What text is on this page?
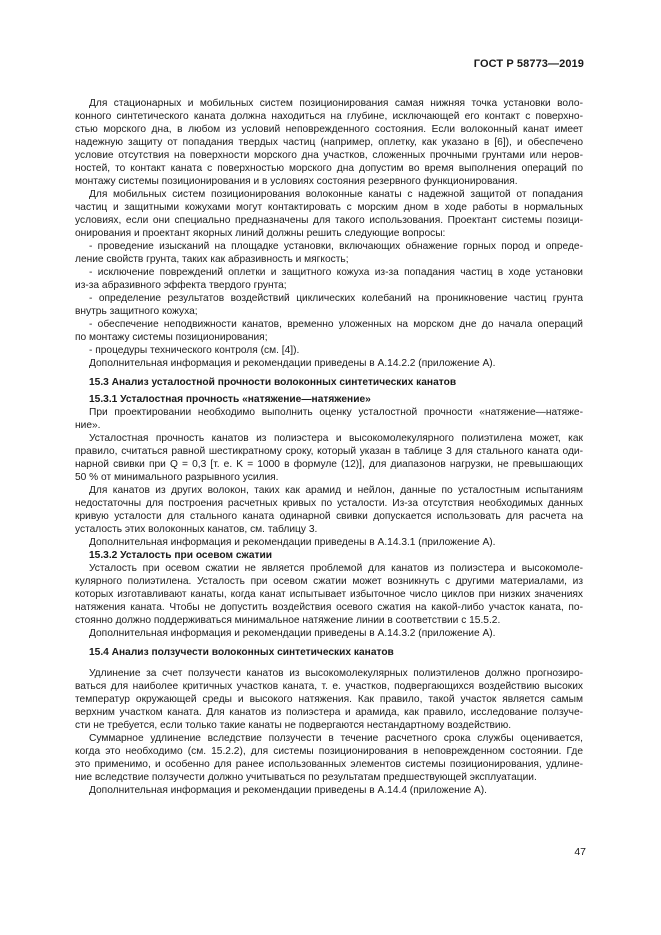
ГОСТ Р 58773—2019
Для стационарных и мобильных систем позиционирования самая нижняя точка установки воло-
конного синтетического каната должна находиться на глубине, исключающей его контакт с поверхно-
стью морского дна, в любом из условий неповрежденного состояния. Если волоконный канат имеет
надежную защиту от попадания твердых частиц (например, оплетку, как указано в [6]), и обеспечено
условие отсутствия на поверхности морского дна участков, сложенных прочными грунтами или неров-
ностей, то контакт каната с поверхностью морского дна допустим во время выполнения операций по
монтажу системы позиционирования и в условиях состояния резервного функционирования.
Для мобильных систем позиционирования волоконные канаты с надежной защитой от попадания
частиц и защитными кожухами могут контактировать с морским дном в ходе работы в нормальных
условиях, если они специально предназначены для такого использования. Проектант системы позици-
онирования и проектант якорных линий должны решить следующие вопросы:
- проведение изысканий на площадке установки, включающих обнажение горных пород и опреде-
ление свойств грунта, таких как абразивность и мягкость;
- исключение повреждений оплетки и защитного кожуха из-за попадания частиц в ходе установки
из-за абразивного эффекта твердого грунта;
- определение результатов воздействий циклических колебаний на проникновение частиц грунта
внутрь защитного кожуха;
- обеспечение неподвижности канатов, временно уложенных на морском дне до начала операций
по монтажу системы позиционирования;
- процедуры технического контроля (см. [4]).
Дополнительная информация и рекомендации приведены в А.14.2.2 (приложение А).
15.3 Анализ усталостной прочности волоконных синтетических канатов
15.3.1 Усталостная прочность «натяжение—натяжение»
При проектировании необходимо выполнить оценку усталостной прочности «натяжение—натяже-
ние».
Усталостная прочность канатов из полиэстера и высокомолекулярного полиэтилена может, как
правило, считаться равной шестикратному сроку, который указан в таблице 3 для стального каната оди-
нарной свивки при Q = 0,3 [т. е. K = 1000 в формуле (12)], для диапазонов нагрузки, не превышающих
50 % от минимального разрывного усилия.
Для канатов из других волокон, таких как арамид и нейлон, данные по усталостным испытаниям
недостаточны для построения расчетных кривых по усталости. Из-за отсутствия необходимых данных
кривую усталости для стального каната одинарной свивки допускается использовать для расчета на
усталость этих волоконных канатов, см. таблицу 3.
Дополнительная информация и рекомендации приведены в А.14.3.1 (приложение А).
15.3.2 Усталость при осевом сжатии
Усталость при осевом сжатии не является проблемой для канатов из полиэстера и высокомоле-
кулярного полиэтилена. Усталость при осевом сжатии может возникнуть с другими материалами, из
которых изготавливают канаты, когда канат испытывает избыточное число циклов при низких значениях
натяжения каната. Чтобы не допустить воздействия осевого сжатия на какой-либо участок каната, по-
стоянно должно поддерживаться минимальное натяжение линии в соответствии с 15.5.2.
Дополнительная информация и рекомендации приведены в А.14.3.2 (приложение А).
15.4 Анализ ползучести волоконных синтетических канатов
Удлинение за счет ползучести канатов из высокомолекулярных полиэтиленов должно прогнозиро-
ваться для наиболее критичных участков каната, т. е. участков, подвергающихся воздействию высоких
температур окружающей среды и высокого натяжения. Как правило, такой участок является самым
верхним участком каната. Для канатов из полиэстера и арамида, как правило, исследование ползуче-
сти не требуется, если только такие канаты не подвергаются нестандартному воздействию.
Суммарное удлинение вследствие ползучести в течение расчетного срока службы оценивается,
когда это необходимо (см. 15.2.2), для системы позиционирования в неповрежденном состоянии. Где
это применимо, и особенно для ранее использованных элементов системы позиционирования, удлине-
ние вследствие ползучести должно учитываться по результатам предшествующей эксплуатации.
Дополнительная информация и рекомендации приведены в А.14.4 (приложение А).
47
